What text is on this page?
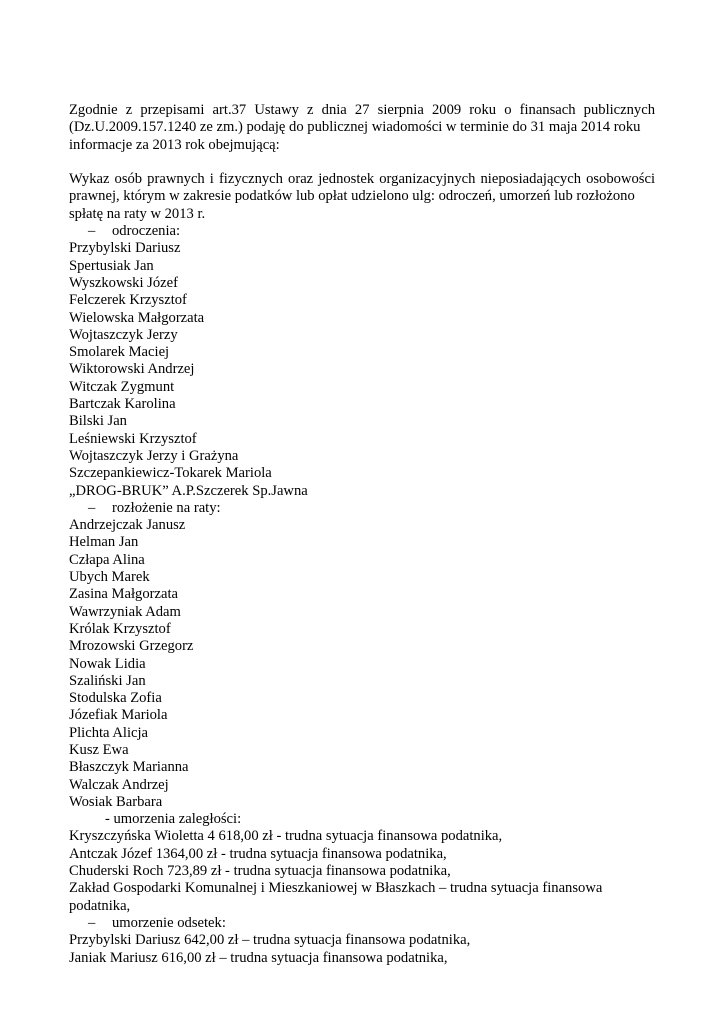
Zgodnie z przepisami art.37 Ustawy z dnia 27 sierpnia 2009 roku o finansach publicznych (Dz.U.2009.157.1240 ze zm.) podaję do publicznej wiadomości w terminie do 31 maja 2014 roku
informacje za 2013 rok obejmującą:

Wykaz osób prawnych i fizycznych oraz jednostek organizacyjnych nieposiadających osobowości prawnej, którym w zakresie podatków lub opłat udzielono ulg: odroczeń, umorzeń lub rozłożono
spłatę na raty w 2013 r.

– odroczenia:
Przybylski Dariusz
Spertusiak Jan
Wyszkowski Józef
Felczerek Krzysztof
Wielowska Małgorzata
Wojtaszczyk Jerzy
Smolarek Maciej
Wiktorowski Andrzej
Witczak Zygmunt
Bartczak Karolina
Bilski Jan
Leśniewski Krzysztof
Wojtaszczyk Jerzy i Grażyna
Szczepankiewicz-Tokarek Mariola
„DROG-BRUK” A.P.Szczerek Sp.Jawna
– rozłożenie na raty:
Andrzejczak Janusz
Helman Jan
Człapa Alina
Ubych Marek
Zasina Małgorzata
Wawrzyniak Adam
Królak Krzysztof
Mrozowski Grzegorz
Nowak Lidia
Szaliński Jan
Stodulska Zofia
Józefiak Mariola
Plichta Alicja
Kusz Ewa
Błaszczyk Marianna
Walczak Andrzej
Wosiak Barbara
- umorzenia zaległości:
Kryszczyńska Wioletta 4 618,00 zł - trudna sytuacja finansowa podatnika,
Antczak Józef 1364,00 zł - trudna sytuacja finansowa podatnika,
Chuderski Roch 723,89 zł - trudna sytuacja finansowa podatnika,
Zakład Gospodarki Komunalnej i Mieszkaniowej w Błaszkach – trudna sytuacja finansowa podatnika,
– umorzenie odsetek:
Przybylski Dariusz 642,00 zł – trudna sytuacja finansowa podatnika,
Janiak Mariusz 616,00 zł – trudna sytuacja finansowa podatnika,
